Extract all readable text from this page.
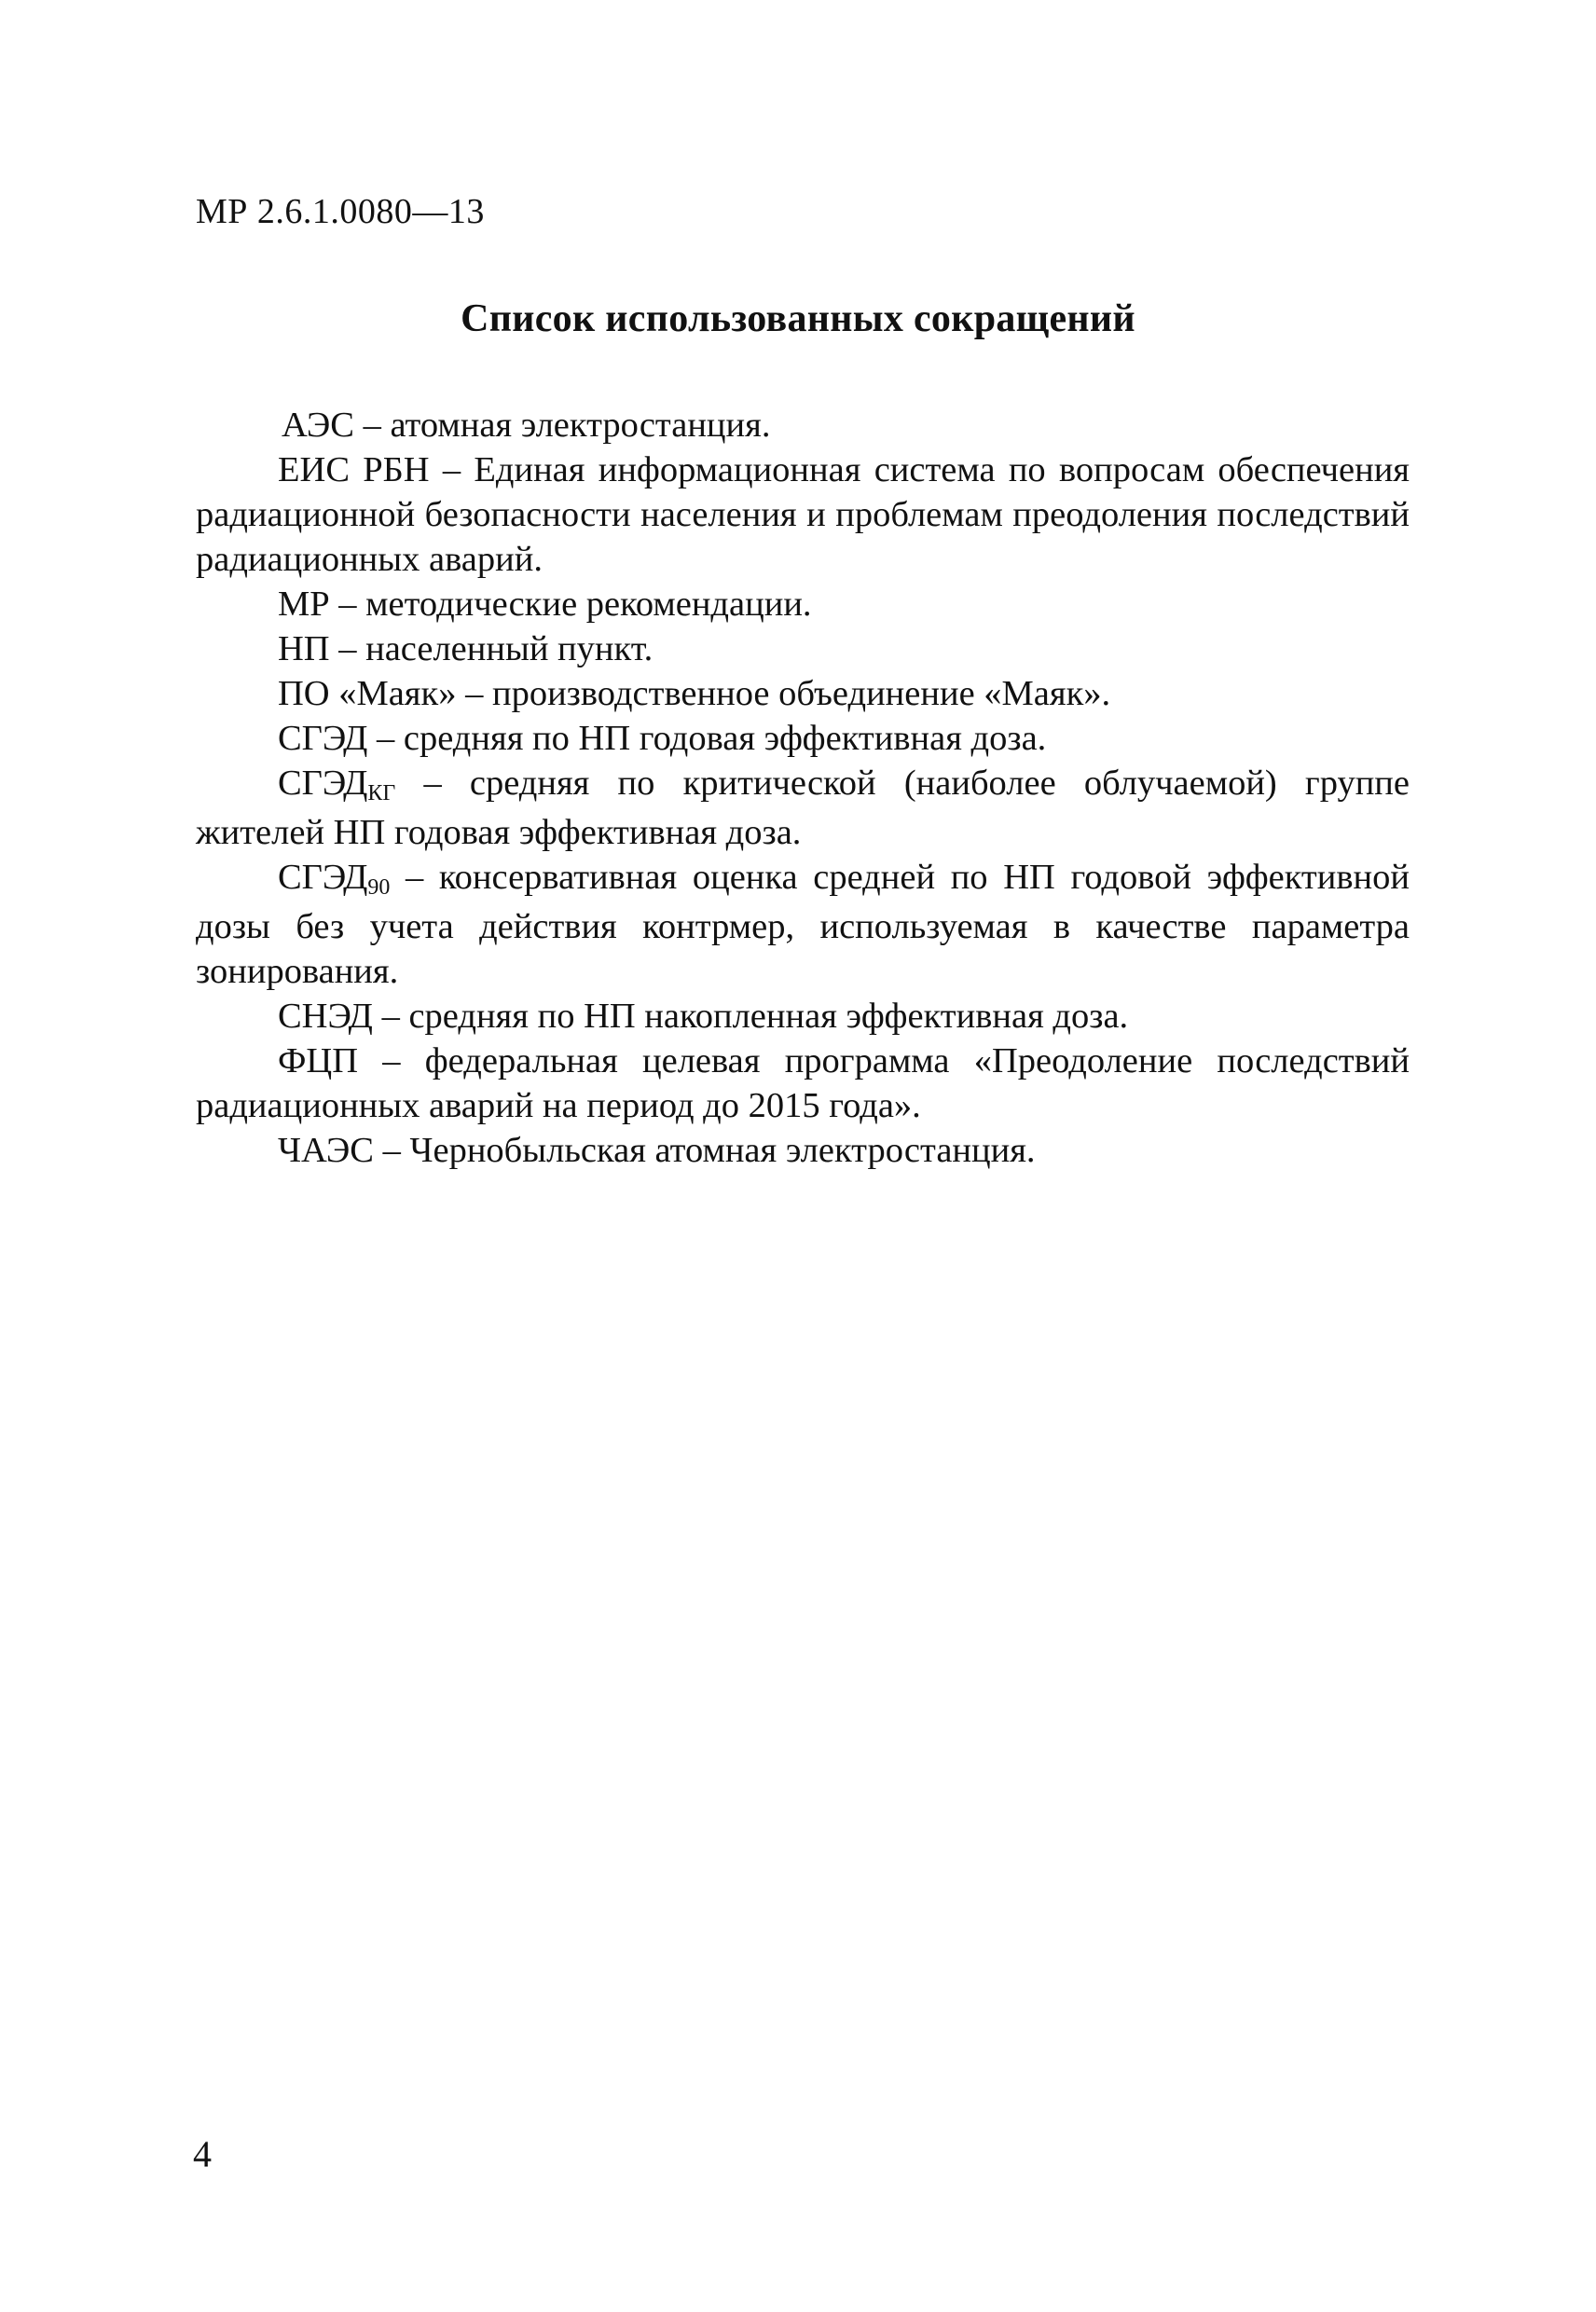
МР 2.6.1.0080—13
Список использованных сокращений

АЭС – атомная электростанция.

ЕИС РБН – Единая информационная система по вопросам обеспечения радиационной безопасности населения и проблемам преодоления последствий радиационных аварий.

МР – методические рекомендации.

НП – населенный пункт.

ПО «Маяк» – производственное объединение «Маяк».

СГЭД – средняя по НП годовая эффективная доза.

СГЭДКГ – средняя по критической (наиболее облучаемой) группе жителей НП годовая эффективная доза.

СГЭД90 – консервативная оценка средней по НП годовой эффективной дозы без учета действия контрмер, используемая в качестве параметра зонирования.

СНЭД – средняя по НП накопленная эффективная доза.

ФЦП – федеральная целевая программа «Преодоление последствий радиационных аварий на период до 2015 года».

ЧАЭС – Чернобыльская атомная электростанция.

4
